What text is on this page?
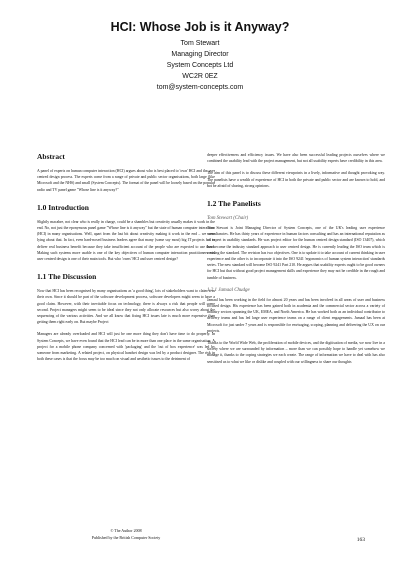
HCI: Whose Job is it Anyway?
Tom Stewart
Managing Director
System Concepts Ltd
WC2R 0EZ
tom@system-concepts.com
Abstract

A panel of experts on human computer interaction (HCI) argues about who is best placed to 'own' HCI and the user centred design process. The experts come from a range of private and public sector organisations, both large (like Microsoft and the NHS) and small (System Concepts). The format of the panel will be loosely based on the popular radio and TV panel game "Whose line is it anyway?"

1.0 Introduction

Slightly macabre, not clear who is really in charge, could be a shambles but creativity usually makes it work in the end. No, not just the eponymous panel game "Whose line is it anyway" but the state of human computer interaction (HCI) in many organisations. Well, apart from the last bit about creativity making it work in the end – we were lying about that. In fact, even hard-nosed business leaders agree that many (some say most) big IT projects fail to deliver real business benefit because they take insufficient account of the people who are expected to use them. Making such systems more usable is one of the key objectives of human computer interaction practitioners and user centred design is one of their main tools. But who 'owns' HCI and user centred design?

1.1 The Discussion

Now that HCI has been recognised by many organisations as 'a good thing', lots of stakeholders want to claim it as their own. Since it should be part of the software development process, software developers might seem to have a good claim. However, with their inevitable focus on technology, there is always a risk that people will come second. Project managers might seem to be ideal since they not only allocate resources but also worry about the sequencing of the various activities. And we all know that fixing HCI issues late is much more expensive than getting them right early on. But maybe Project

Managers are already overloaded and HCI will just be one more thing they don't have time to do properly. In System Concepts, we have even found that the HCI lead can be in more than one place in the same organisation. A project for a mobile phone company concerned with 'packaging' and the 'out of box experience' was led by someone from marketing. A related project, on physical handset design was led by a product designer. The risk in both these cases is that the focus may be too much on visual and aesthetic issues to the detriment of

deeper effectiveness and efficiency issues. We have also been successful leading projects ourselves where we combined the usability lead with the project management, but not all usability experts have credibility in this area.

The aim of this panel is to discuss these different viewpoints in a lively, informative and thought provoking way. The panelists have a wealth of experience of HCI in both the private and public sector and are known to hold, and not be afraid of sharing, strong opinions.

1.2 The Panelists
Tom Stewart (Chair)

Tom Stewart is Joint Managing Director of System Concepts, one of the UK's leading user experience consultancies. He has thirty years of experience in human factors consulting and has an international reputation as an expert in usability standards. He was project editor for the human centred design standard (ISO 13407), which has become the industry standard approach to user centred design. He is currently leading the ISO team which is revising the standard. The revision has two objectives. One is to update it to take account of current thinking in user experience and the other is to incorporate it into the ISO 9241 'ergonomics of human system interaction' standards series. The new standard will become ISO 9241 Part 210. He argues that usability experts ought to be good owners for HCI but that without good project management skills and experience they may not be credible in the rough and tumble of business.

1.2.1 Jamaal Chudge

Jamaal has been working in the field for almost 20 years and has been involved in all areas of user and business focused design. His experience has been gained both in academia and the commercial sector across a variety of industry sectors spanning the UK, EMEA, and North America. He has worked both as an individual contributor to delivery teams and has led large user experience teams on a range of client engagements. Jamaal has been at Microsoft for just under 7 years and is responsible for envisaging, scoping, planning and delivering the UX on our projects.

Thanks to the World Wide Web, the proliferation of mobile devices, and the digitisation of media, we now live in a society where we are surrounded by information – more than we can possibly hope to handle yet somehow we manage it, thanks to the coping strategies we each create. The range of information we have to deal with has also sensitised us to what we like or dislike and coupled with our willingness to share our thoughts

© The Author 2008
Published by the British Computer Society	163
